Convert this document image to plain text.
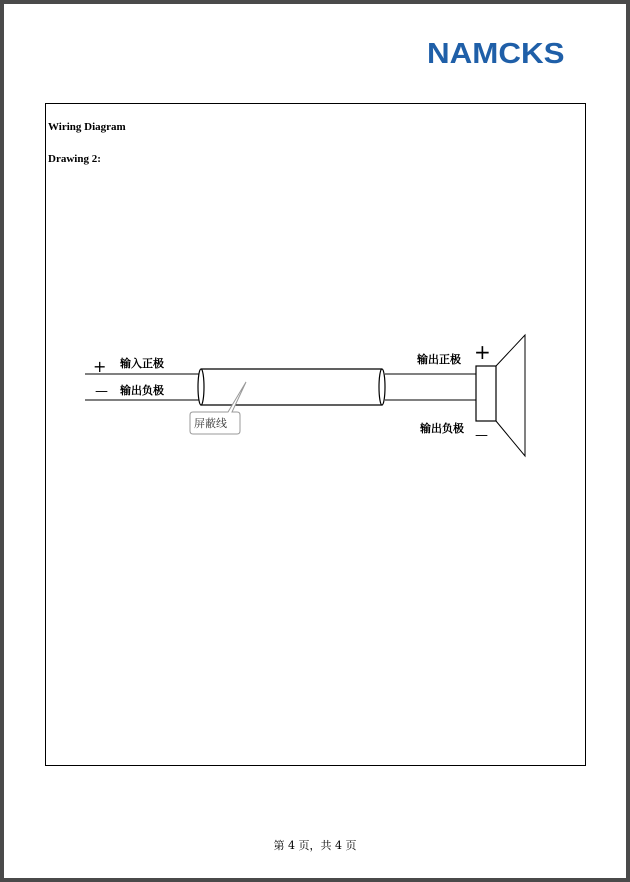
NAMCKS
Wiring Diagram
Drawing 2:
+
—
输入正极
输出负极
输出正极
输出负极
+
—
屏蔽线
第 4 页，共 4 页
